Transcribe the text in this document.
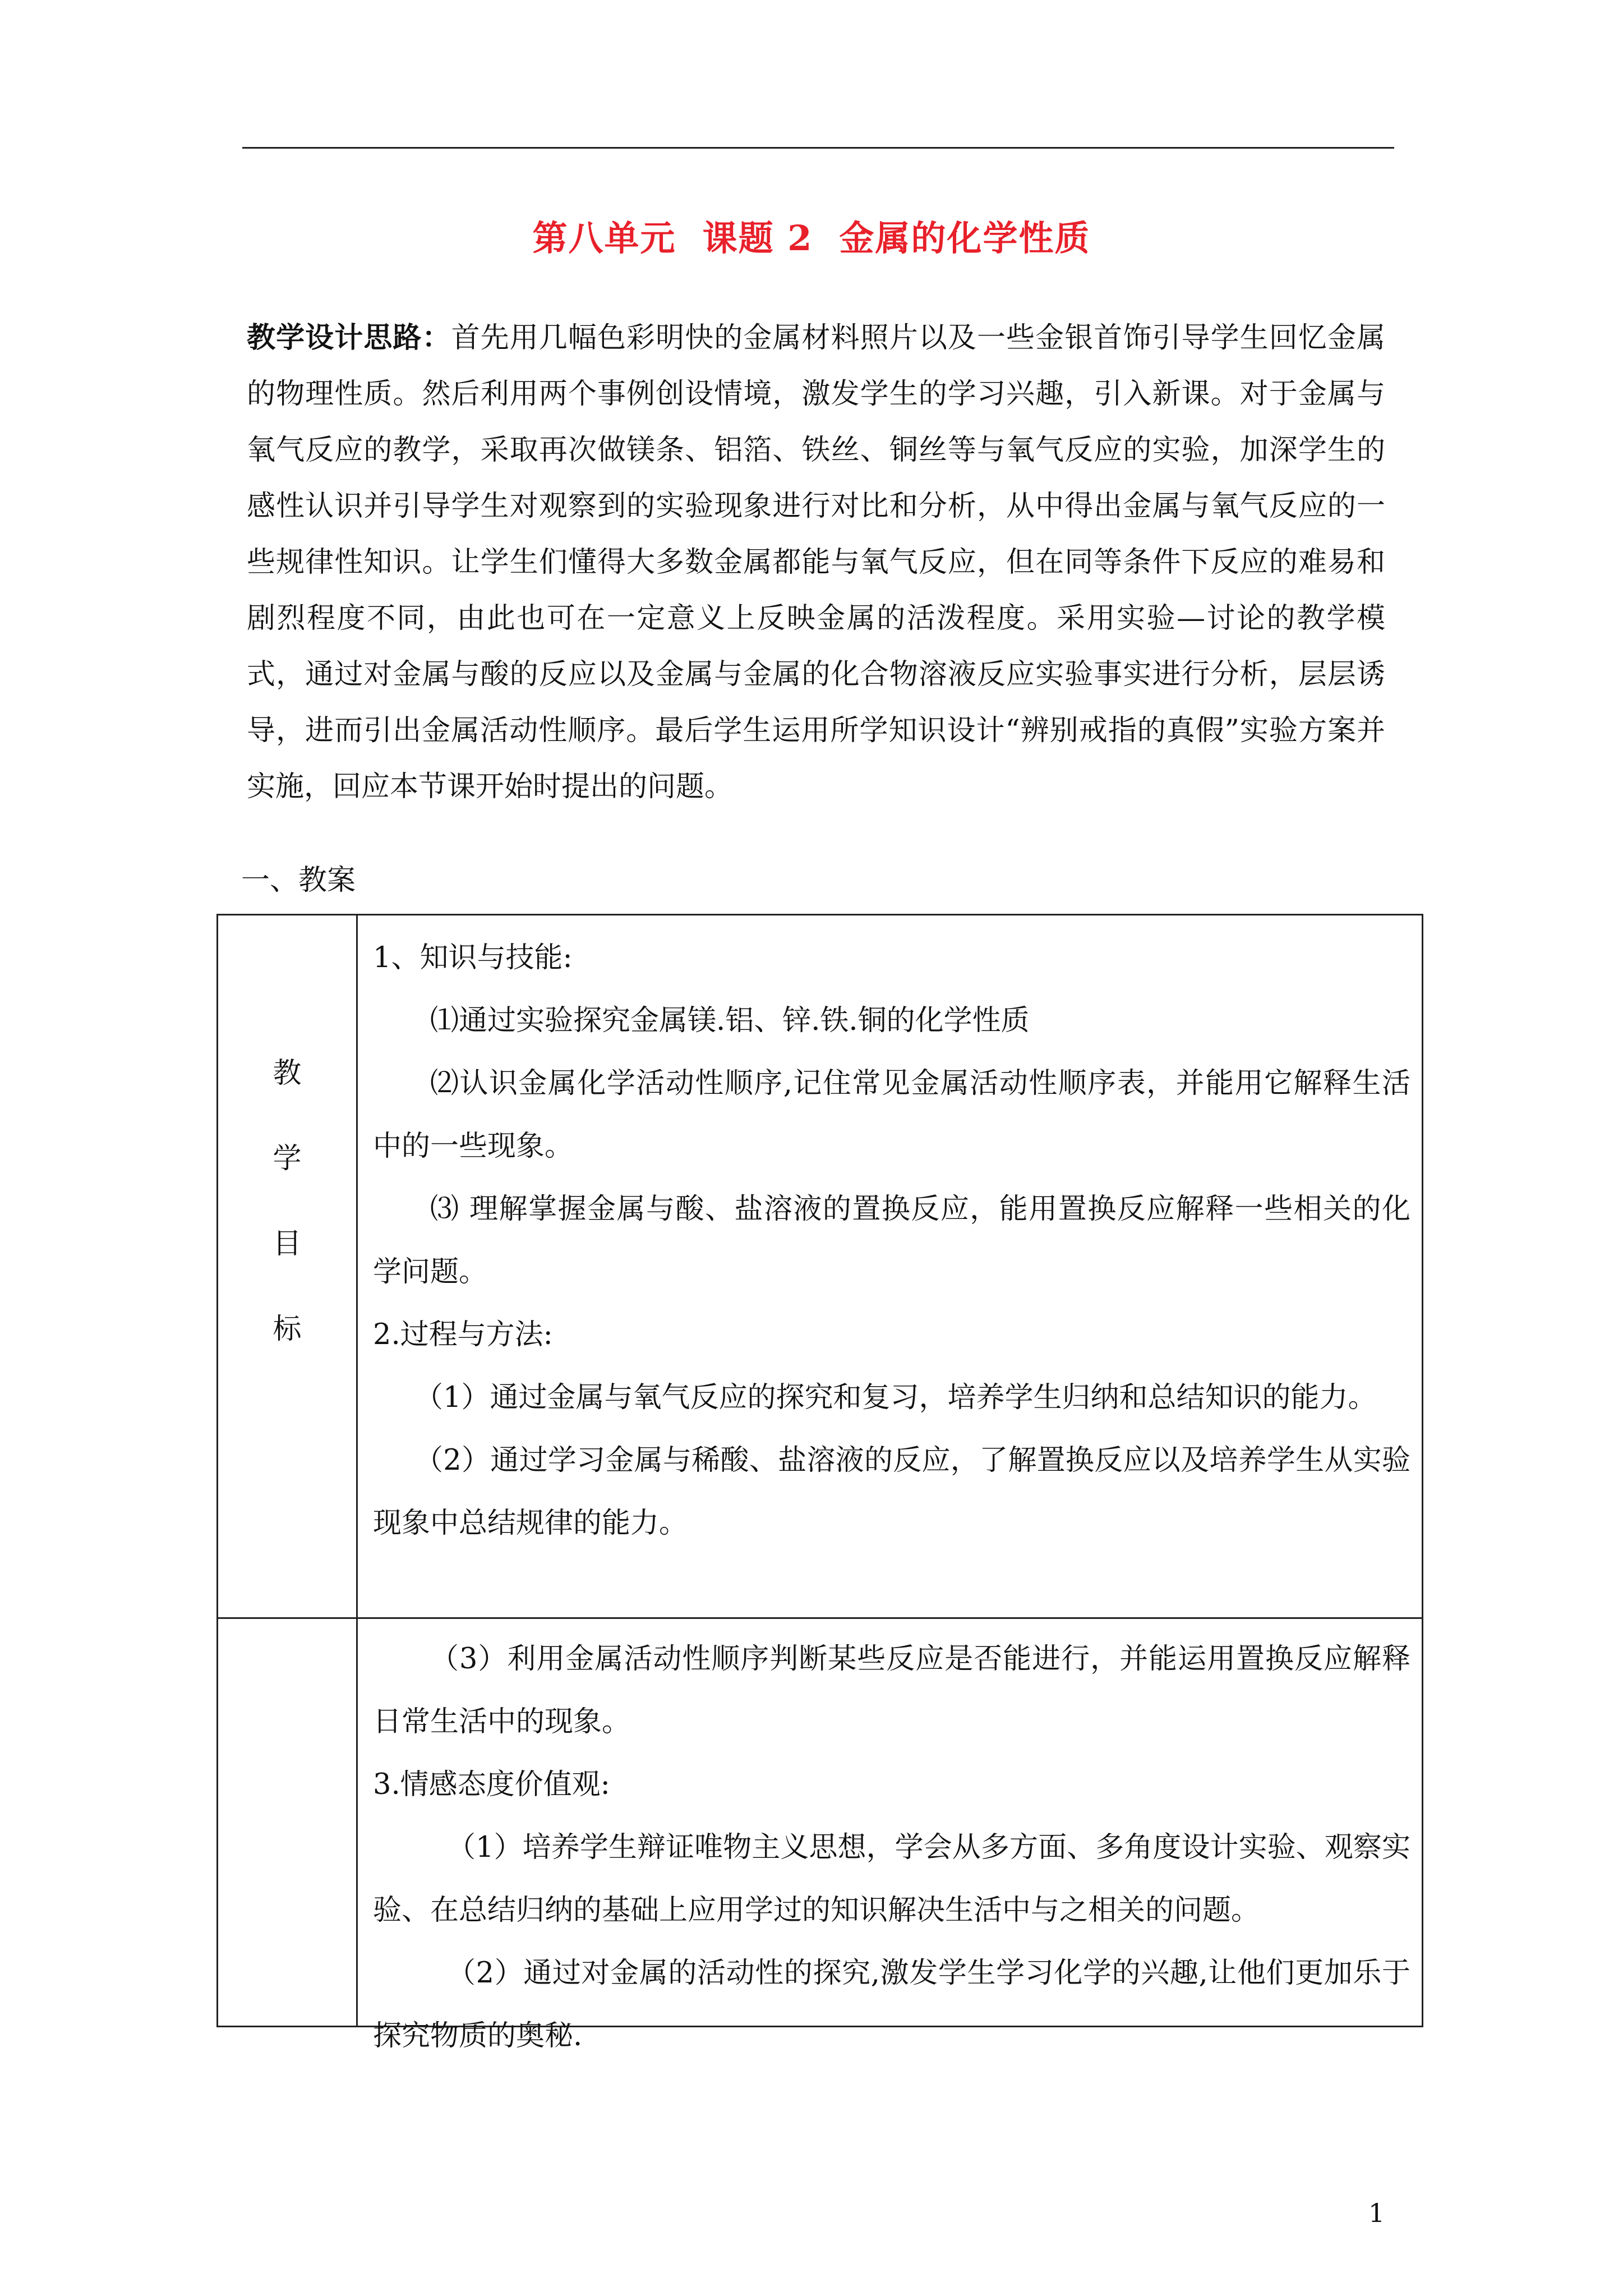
第八单元  课题 2  金属的化学性质

教学设计思路：首先用几幅色彩明快的金属材料照片以及一些金银首饰引导学生回忆金属的物理性质。然后利用两个事例创设情境，激发学生的学习兴趣，引入新课。对于金属与氧气反应的教学，采取再次做镁条、铝箔、铁丝、铜丝等与氧气反应的实验，加深学生的感性认识并引导学生对观察到的实验现象进行对比和分析，从中得出金属与氧气反应的一些规律性知识。让学生们懂得大多数金属都能与氧气反应，但在同等条件下反应的难易和剧烈程度不同，由此也可在一定意义上反映金属的活泼程度。采用实验—讨论的教学模式，通过对金属与酸的反应以及金属与金属的化合物溶液反应实验事实进行分析，层层诱导，进而引出金属活动性顺序。最后学生运用所学知识设计“辨别戒指的真假”实验方案并实施，回应本节课开始时提出的问题。

一、教案
教
学
目
标

1、知识与技能:

⑴通过实验探究金属镁.铝、锌.铁.铜的化学性质

⑵认识金属化学活动性顺序,记住常见金属活动性顺序表，并能用它解释生活中的一些现象。

⑶ 理解掌握金属与酸、盐溶液的置换反应，能用置换反应解释一些相关的化学问题。

2.过程与方法:

（1）通过金属与氧气反应的探究和复习，培养学生归纳和总结知识的能力。

（2）通过学习金属与稀酸、盐溶液的反应，了解置换反应以及培养学生从实验现象中总结规律的能力。

（3）利用金属活动性顺序判断某些反应是否能进行，并能运用置换反应解释日常生活中的现象。

3.情感态度价值观:

（1）培养学生辩证唯物主义思想，学会从多方面、多角度设计实验、观察实验、在总结归纳的基础上应用学过的知识解决生活中与之相关的问题。

（2）通过对金属的活动性的探究,激发学生学习化学的兴趣,让他们更加乐于探究物质的奥秘.

1
